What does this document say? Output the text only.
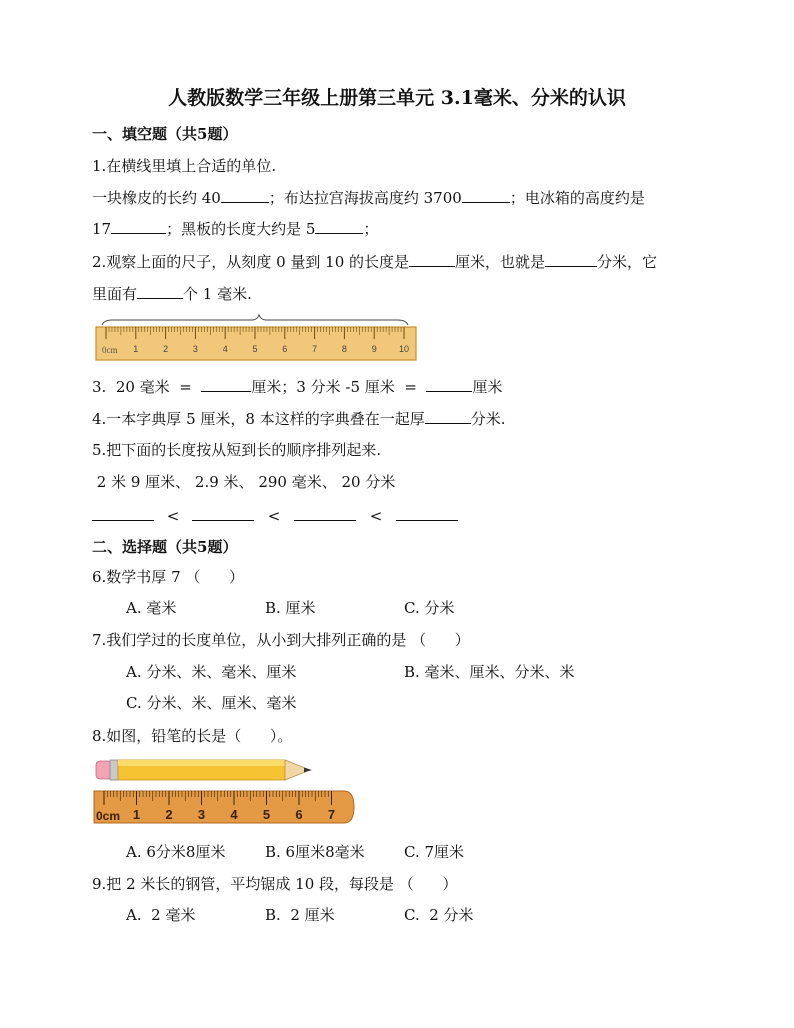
人教版数学三年级上册第三单元 3.1毫米、分米的认识
一、填空题（共5题）
1.在横线里填上合适的单位.
一块橡皮的长约 40	；布达拉宫海拔高度约 3700	；电冰箱的高度约是
17	；黑板的长度大约是 5	；
2.观察上面的尺子，从刻度 0 量到 10 的长度是	厘米，也就是	分米，它
里面有	个 1 毫米.
1	2	3	4	5	6	7	8	9 10
0cm
3.  20 毫米  =	厘米；3 分米 -5 厘米  =	厘米
4.一本字典厚 5 厘米，8 本这样的字典叠在一起厚	分米.
5.把下面的长度按从短到长的顺序排列起来.
2 米 9 厘米、 2.9 米、 290 毫米、 20 分米
<	<	<
二、选择题（共5题）
6.数学书厚 7 （      ）
A. 毫米	B. 厘米	C. 分米
7.我们学过的长度单位，从小到大排列正确的是 （      ）
A. 分米、米、毫米、厘米	B. 毫米、厘米、分米、米
C. 分米、米、厘米、毫米
8.如图，铅笔的长是（      ）。
1 2 3 4 5 6 7
0cm
A. 6分米8厘米	B. 6厘米8毫米	C. 7厘米
9.把 2 米长的钢管，平均锯成 10 段，每段是 （      ）
A.  2 毫米	B.  2 厘米	C.  2 分米
